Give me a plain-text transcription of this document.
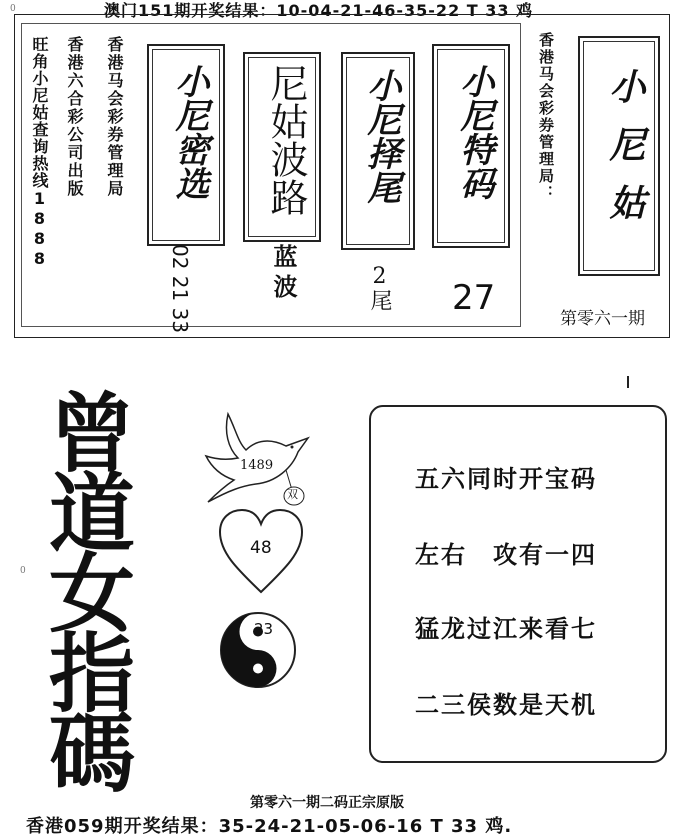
澳门151期开奖结果：10-04-21-46-35-22 T 33 鸡
0
旺角小尼姑查询热线1888 香港六合彩公司出版 香港马会彩券管理局 小尼密选
02 21 33
尼姑波路
蓝波
小尼择尾
2尾
小尼特码
27
香港马会彩券管理局： 小尼姑
第零六一期
0 曾道女指碼	1489
双
48
23
五六同时开宝码
左右　攻有一四
猛龙过江来看七
二三侯数是天机
第零六一期二码正宗原版
香港059期开奖结果：35-24-21-05-06-16 T 33 鸡.
